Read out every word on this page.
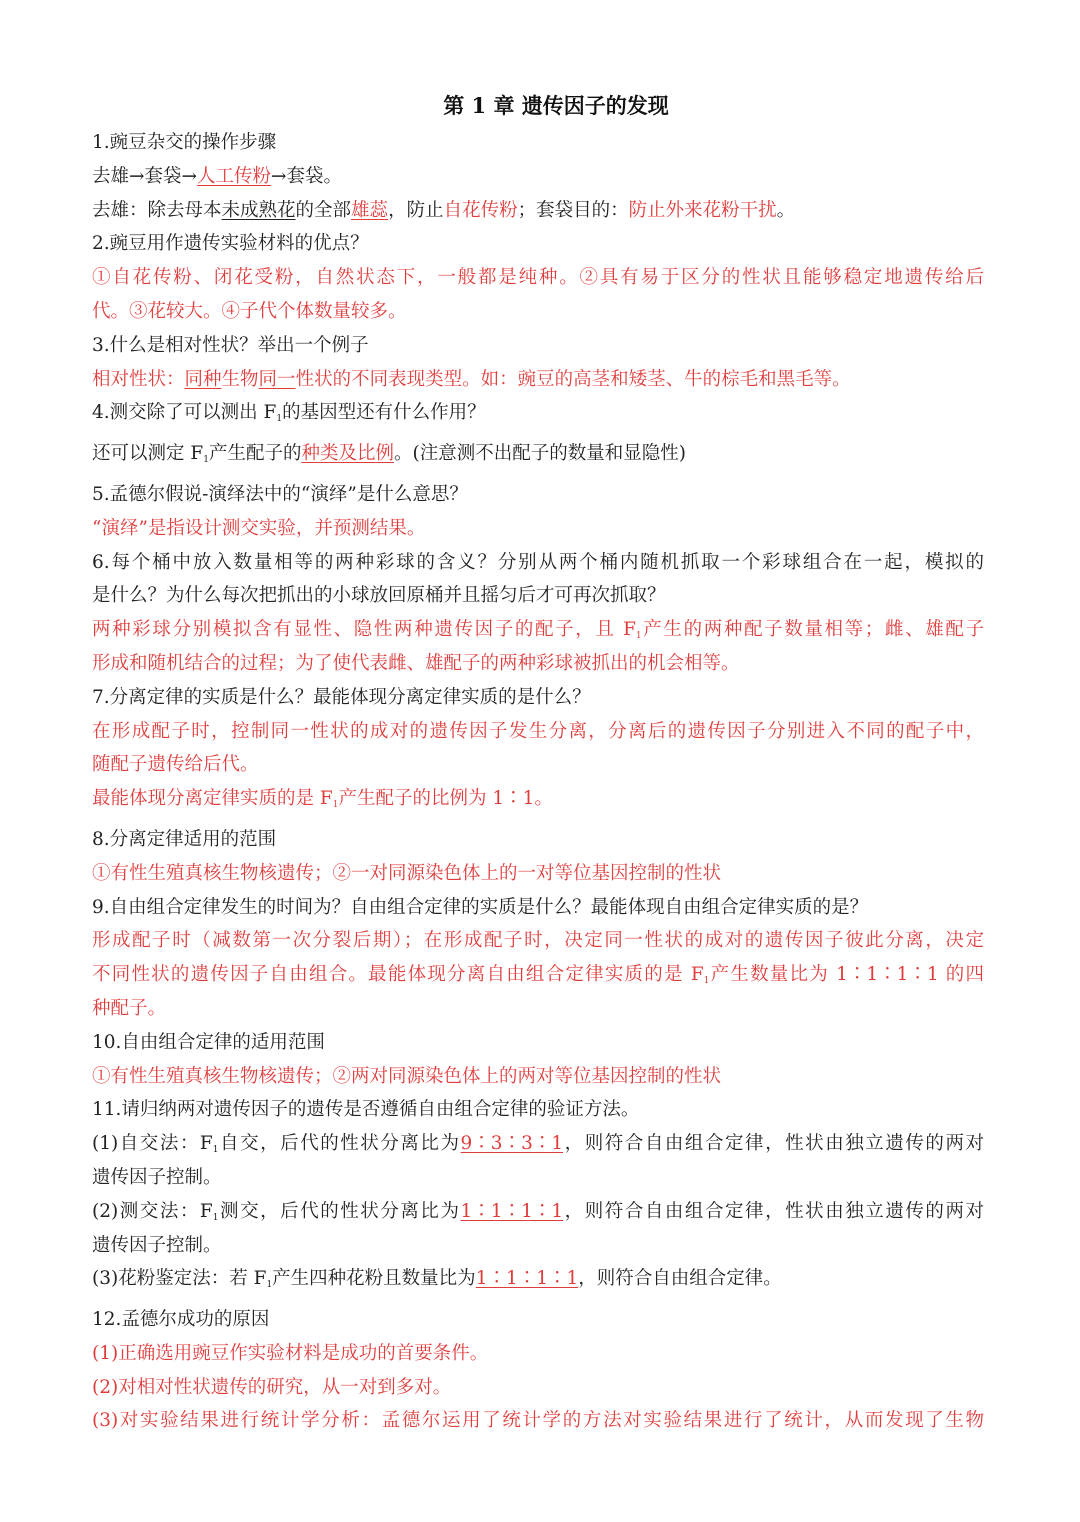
第 1 章 遗传因子的发现
1.豌豆杂交的操作步骤
去雄→套袋→人工传粉→套袋。
去雄：除去母本未成熟花的全部雄蕊，防止自花传粉；套袋目的：防止外来花粉干扰。
2.豌豆用作遗传实验材料的优点？
①自花传粉、闭花受粉，自然状态下，一般都是纯种。②具有易于区分的性状且能够稳定地遗传给后
代。③花较大。④子代个体数量较多。
3.什么是相对性状？举出一个例子
相对性状：同种生物同一性状的不同表现类型。如：豌豆的高茎和矮茎、牛的棕毛和黑毛等。
4.测交除了可以测出 $F_1$的基因型还有什么作用？
还可以测定 $F_1$产生配子的种类及比例。(注意测不出配子的数量和显隐性)
5.孟德尔假说-演绎法中的“演绎”是什么意思？
“演绎”是指设计测交实验，并预测结果。
6.每个桶中放入数量相等的两种彩球的含义？分别从两个桶内随机抓取一个彩球组合在一起，模拟的
是什么？为什么每次把抓出的小球放回原桶并且摇匀后才可再次抓取？
两种彩球分别模拟含有显性、隐性两种遗传因子的配子，且 $F_1$产生的两种配子数量相等；雌、雄配子
形成和随机结合的过程；为了使代表雌、雄配子的两种彩球被抓出的机会相等。
7.分离定律的实质是什么？最能体现分离定律实质的是什么？
在形成配子时，控制同一性状的成对的遗传因子发生分离，分离后的遗传因子分别进入不同的配子中，
随配子遗传给后代。
最能体现分离定律实质的是 $F_1$产生配子的比例为 1∶1。
8.分离定律适用的范围
①有性生殖真核生物核遗传；②一对同源染色体上的一对等位基因控制的性状
9.自由组合定律发生的时间为？自由组合定律的实质是什么？最能体现自由组合定律实质的是？
形成配子时（减数第一次分裂后期）；在形成配子时，决定同一性状的成对的遗传因子彼此分离，决定
不同性状的遗传因子自由组合。最能体现分离自由组合定律实质的是 $F_1$产生数量比为 1∶1∶1∶1 的四
种配子。
10.自由组合定律的适用范围
①有性生殖真核生物核遗传；②两对同源染色体上的两对等位基因控制的性状
11.请归纳两对遗传因子的遗传是否遵循自由组合定律的验证方法。
(1)自交法：$F_1$自交，后代的性状分离比为9∶3∶3∶1，则符合自由组合定律，性状由独立遗传的两对
遗传因子控制。
(2)测交法：$F_1$测交，后代的性状分离比为1∶1∶1∶1，则符合自由组合定律，性状由独立遗传的两对
遗传因子控制。
(3)花粉鉴定法：若 $F_1$产生四种花粉且数量比为1∶1∶1∶1，则符合自由组合定律。
12.孟德尔成功的原因
(1)正确选用豌豆作实验材料是成功的首要条件。
(2)对相对性状遗传的研究，从一对到多对。
(3)对实验结果进行统计学分析：孟德尔运用了统计学的方法对实验结果进行了统计，从而发现了生物
